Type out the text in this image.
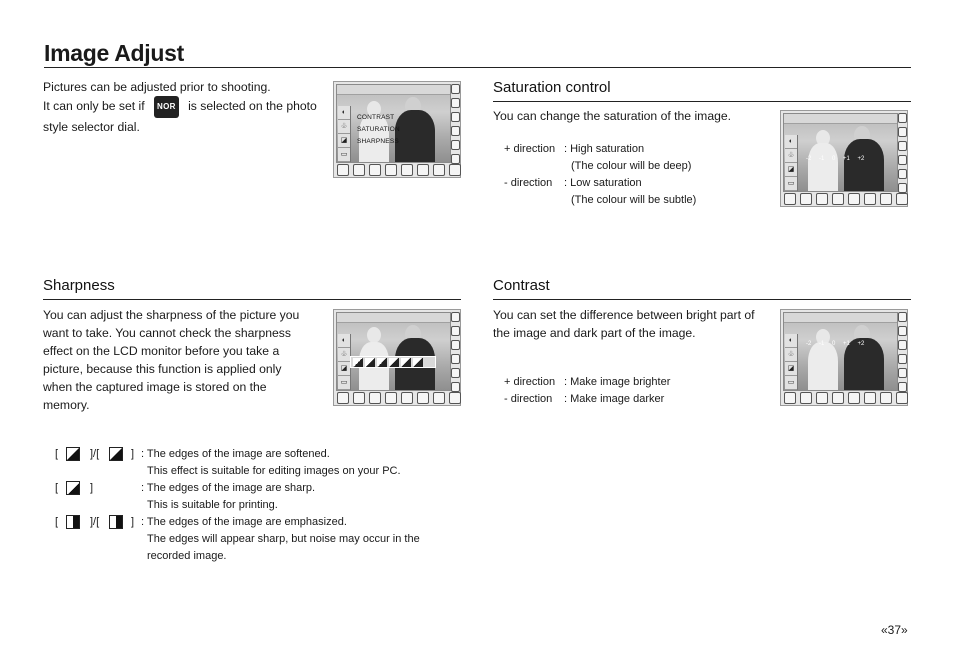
Image Adjust
Pictures can be adjusted prior to shooting.
It can only be set if NOR is selected on the photo
style selector dial.
◐
♧
◪
▭
CONTRAST
SATURATION
SHARPNESS
Saturation control
You can change the saturation of the image.
+ direction : High saturation
(The colour will be deep)
- direction : Low saturation
(The colour will be subtle)
◐
♧
◪
▭
-2 -1 0 +1 +2
Sharpness
You can adjust the sharpness of the picture you
want to take. You cannot check the sharpness
effect on the LCD monitor before you take a
picture, because this function is applied only
when the captured image is stored on the
memory.
◐
♧
◪
▭
[	]/[	] : The edges of the image are softened.
This effect is suitable for editing images on your PC.
[	]	: The edges of the image are sharp.
This is suitable for printing.
[	]/[	] : The edges of the image are emphasized.
The edges will appear sharp, but noise may occur in the
recorded image.
Contrast
You can set the difference between bright part of
the image and dark part of the image.
+ direction : Make image brighter
- direction : Make image darker
◐
♧
◪
▭
-2 -1 0 +1 +2
«37»
